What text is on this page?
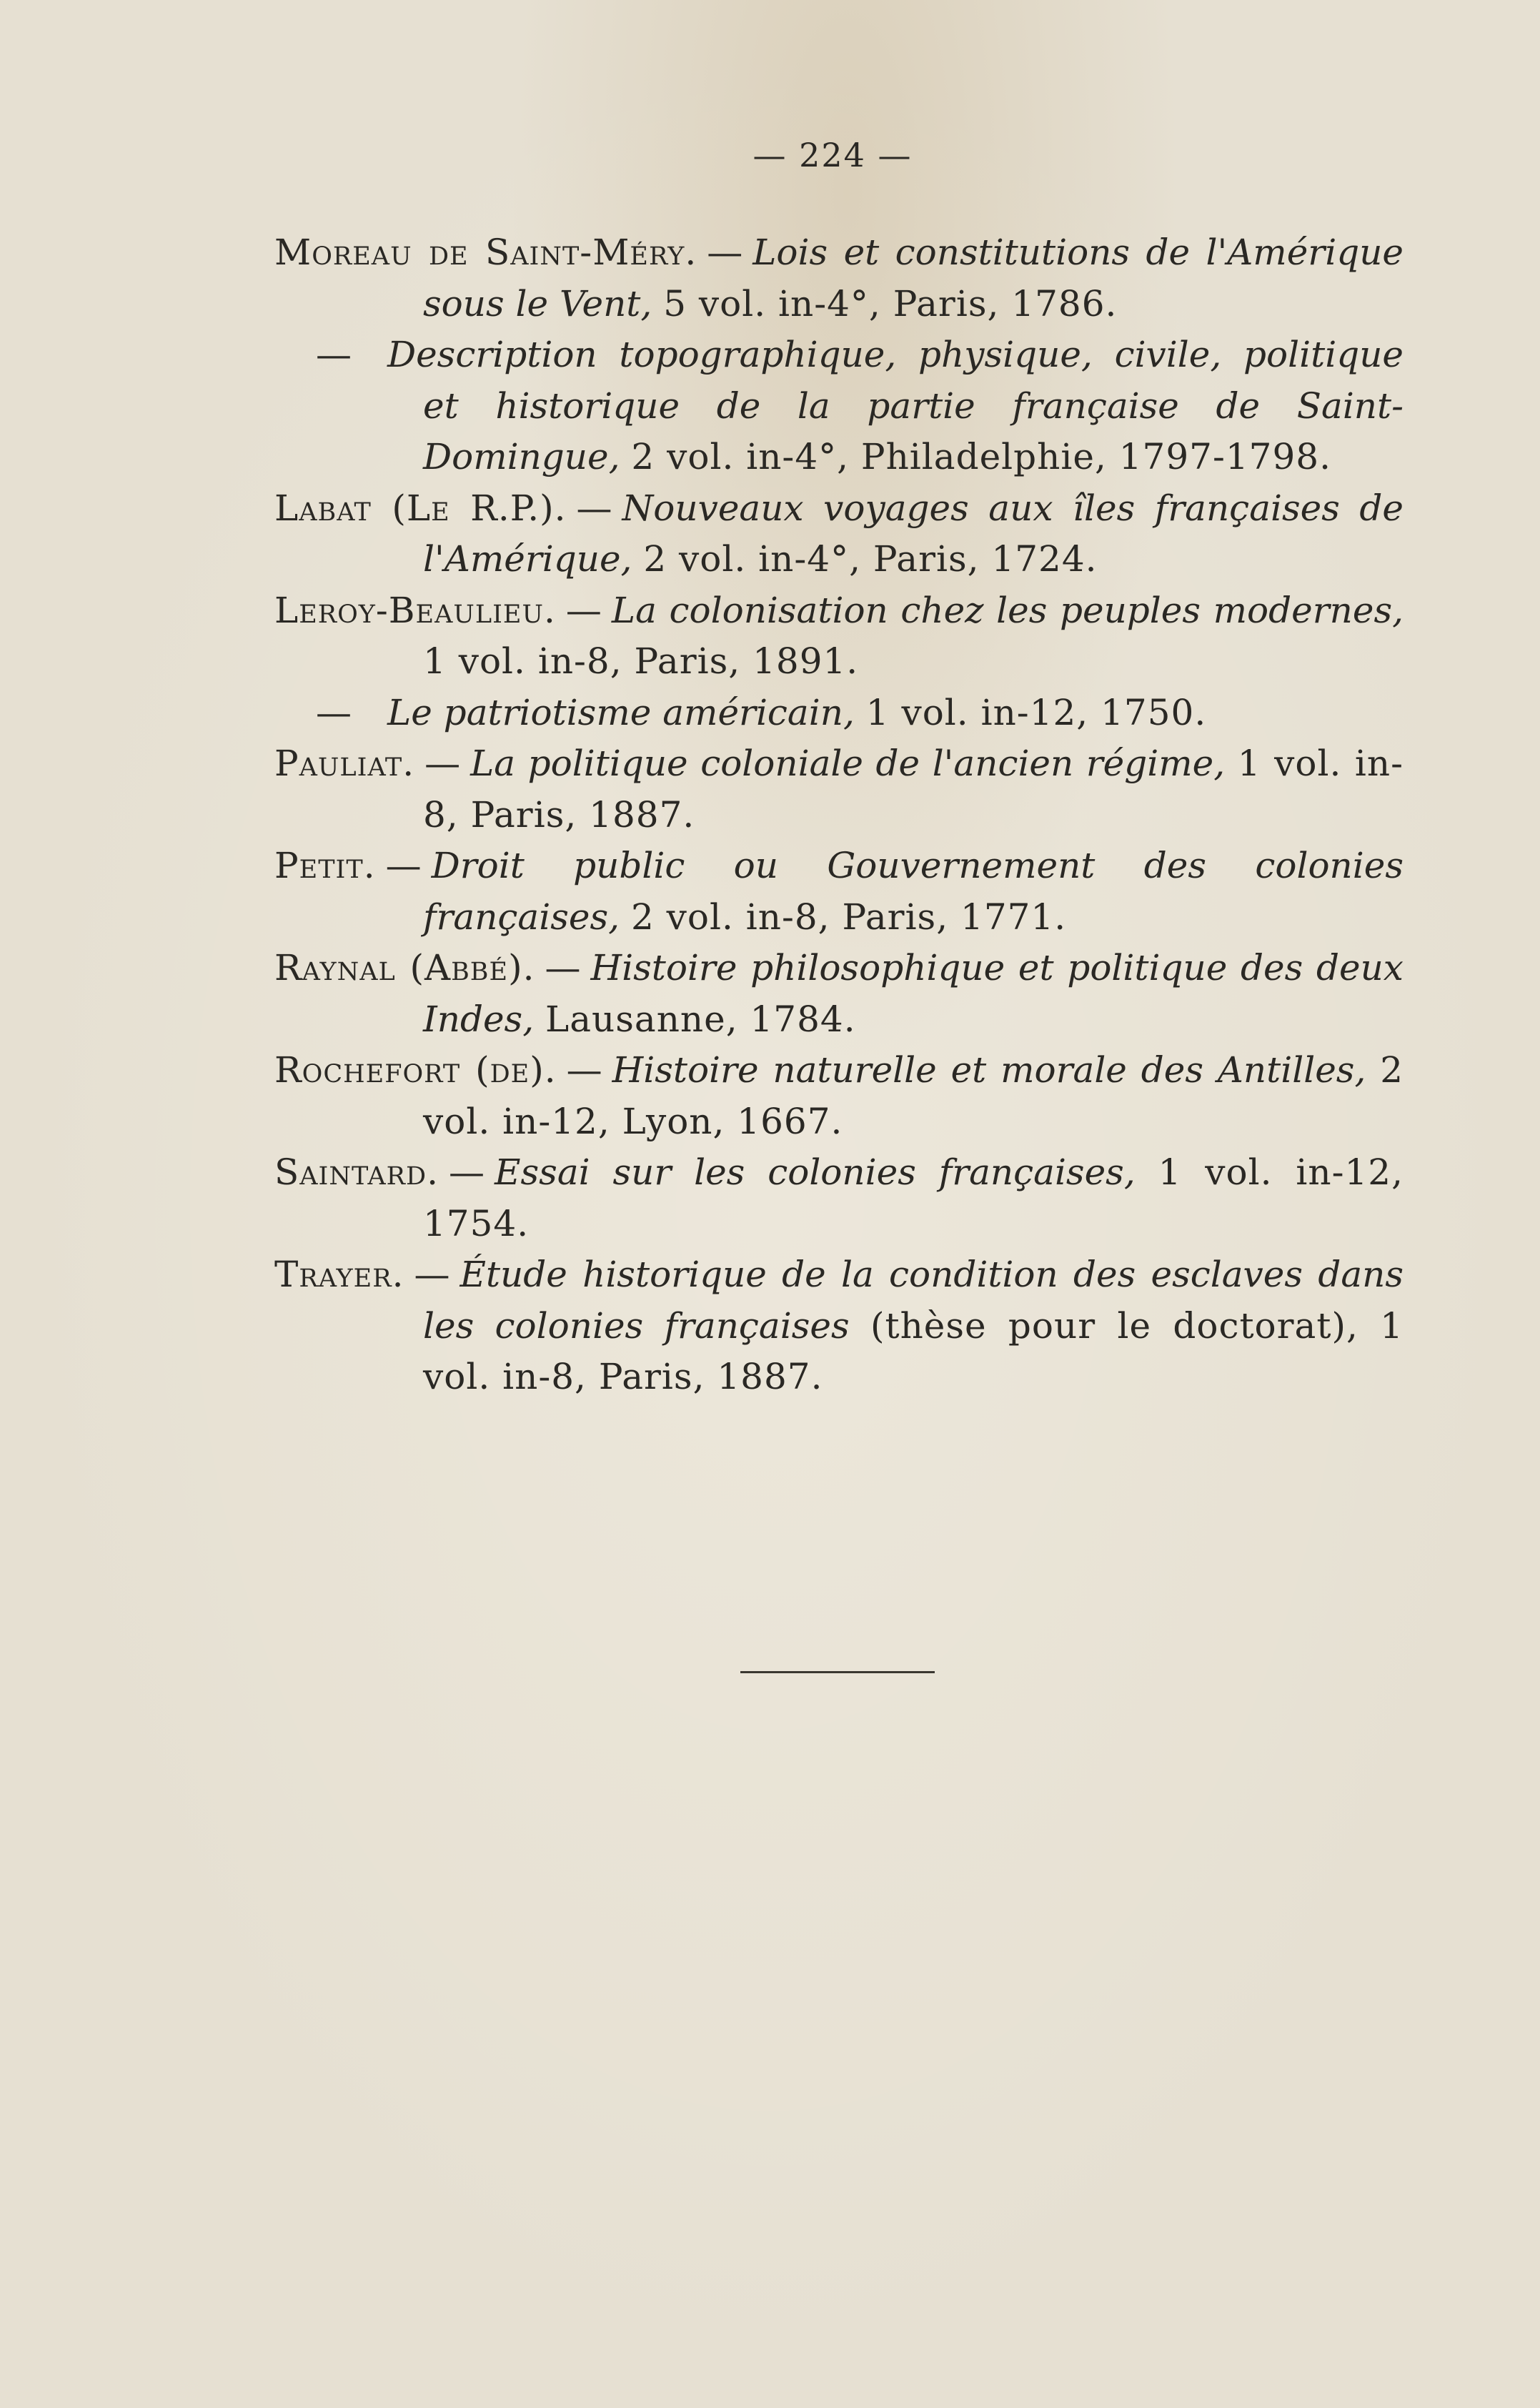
— 224 —
Moreau de Saint-Méry. — Lois et constitutions de l'Amérique sous le Vent, 5 vol. in-4°, Paris, 1786.
— Description topographique, physique, civile, politique et historique de la partie française de Saint-Domingue, 2 vol. in-4°, Philadelphie, 1797-1798.
Labat (Le R.P.). — Nouveaux voyages aux îles françaises de l'Amérique, 2 vol. in-4°, Paris, 1724.
Leroy-Beaulieu. — La colonisation chez les peuples modernes, 1 vol. in-8, Paris, 1891.
— Le patriotisme américain, 1 vol. in-12, 1750.
Pauliat. — La politique coloniale de l'ancien régime, 1 vol. in-8, Paris, 1887.
Petit. — Droit public ou Gouvernement des colonies françaises, 2 vol. in-8, Paris, 1771.
Raynal (Abbé). — Histoire philosophique et politique des deux Indes, Lausanne, 1784.
Rochefort (de). — Histoire naturelle et morale des Antilles, 2 vol. in-12, Lyon, 1667.
Saintard. — Essai sur les colonies françaises, 1 vol. in-12, 1754.
Trayer. — Étude historique de la condition des esclaves dans les colonies françaises (thèse pour le doctorat), 1 vol. in-8, Paris, 1887.
